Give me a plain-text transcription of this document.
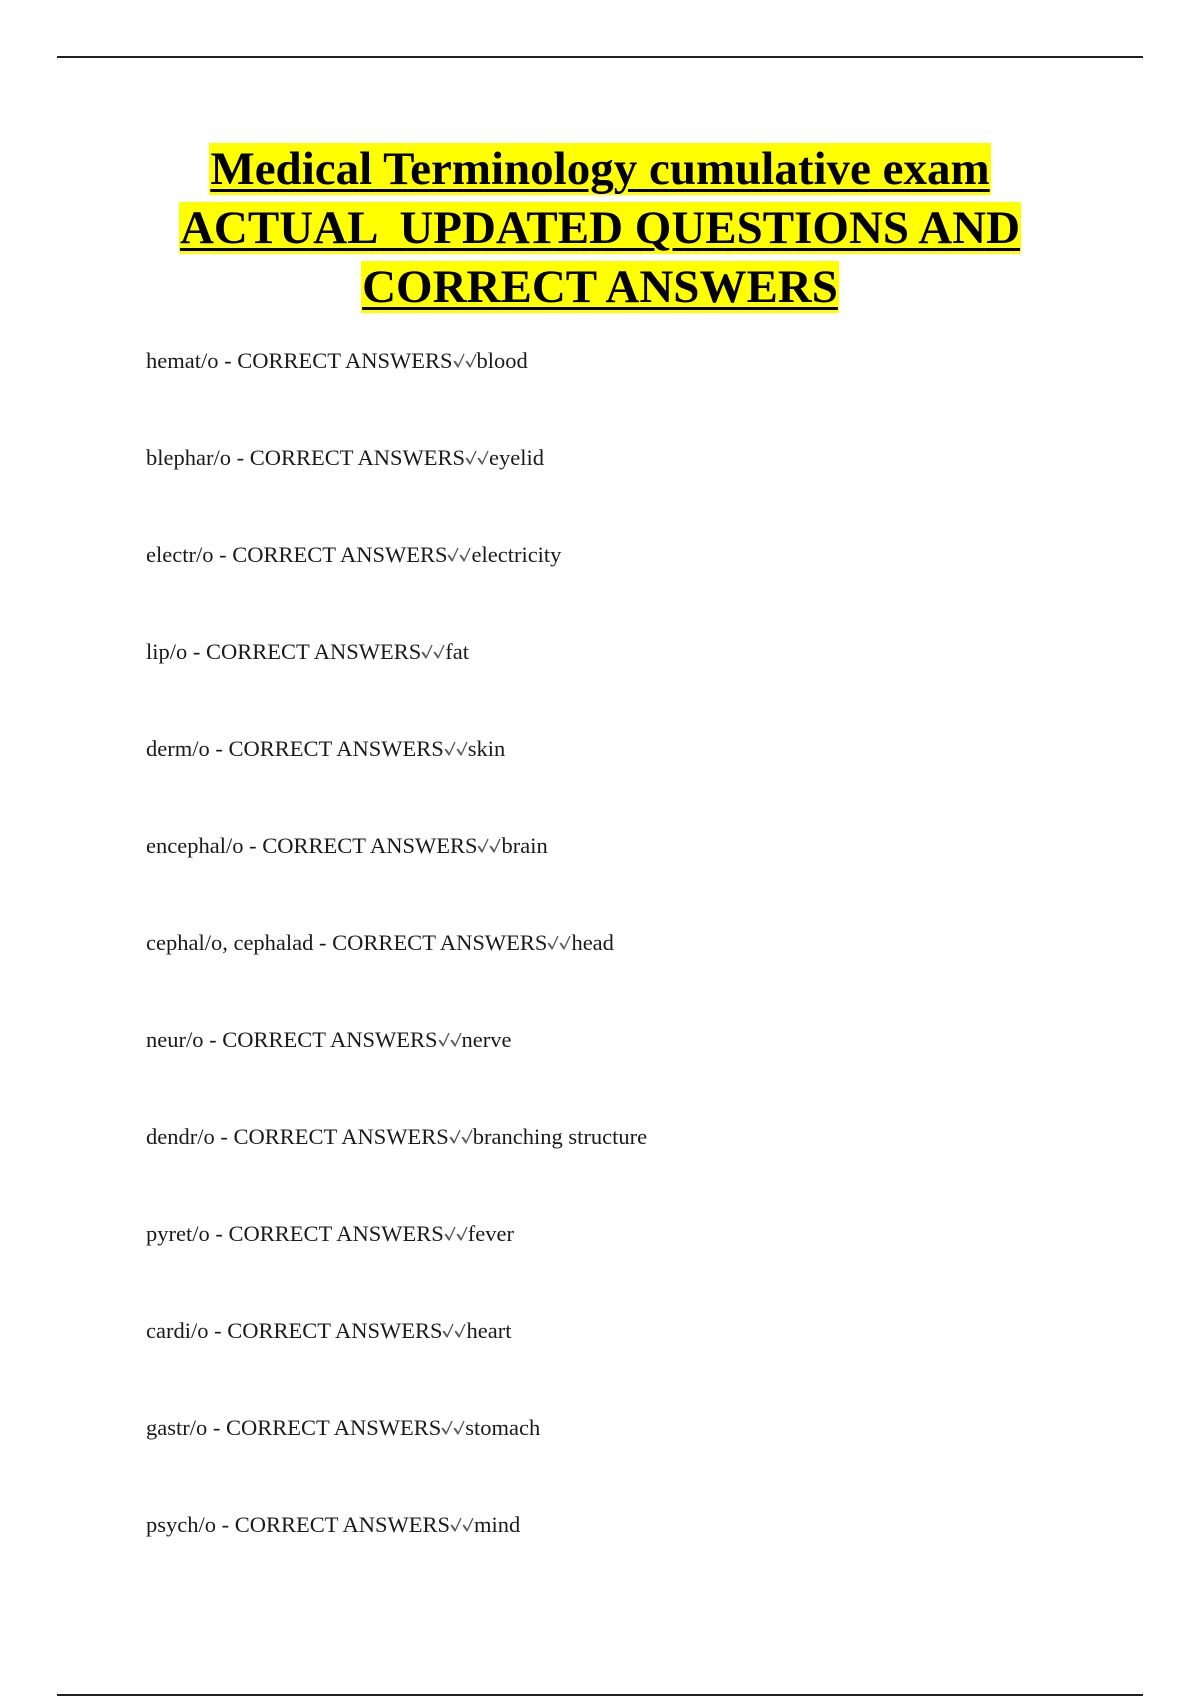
Medical Terminology cumulative exam
ACTUAL  UPDATED QUESTIONS AND
CORRECT ANSWERS
hemat/o - CORRECT ANSWERS blood
blephar/o - CORRECT ANSWERS eyelid
electr/o - CORRECT ANSWERS electricity
lip/o - CORRECT ANSWERS fat
derm/o - CORRECT ANSWERS skin
encephal/o - CORRECT ANSWERS brain
cephal/o, cephalad - CORRECT ANSWERS head
neur/o - CORRECT ANSWERS nerve
dendr/o - CORRECT ANSWERS branching structure
pyret/o - CORRECT ANSWERS fever
cardi/o - CORRECT ANSWERS heart
gastr/o - CORRECT ANSWERS stomach
psych/o - CORRECT ANSWERS mind
